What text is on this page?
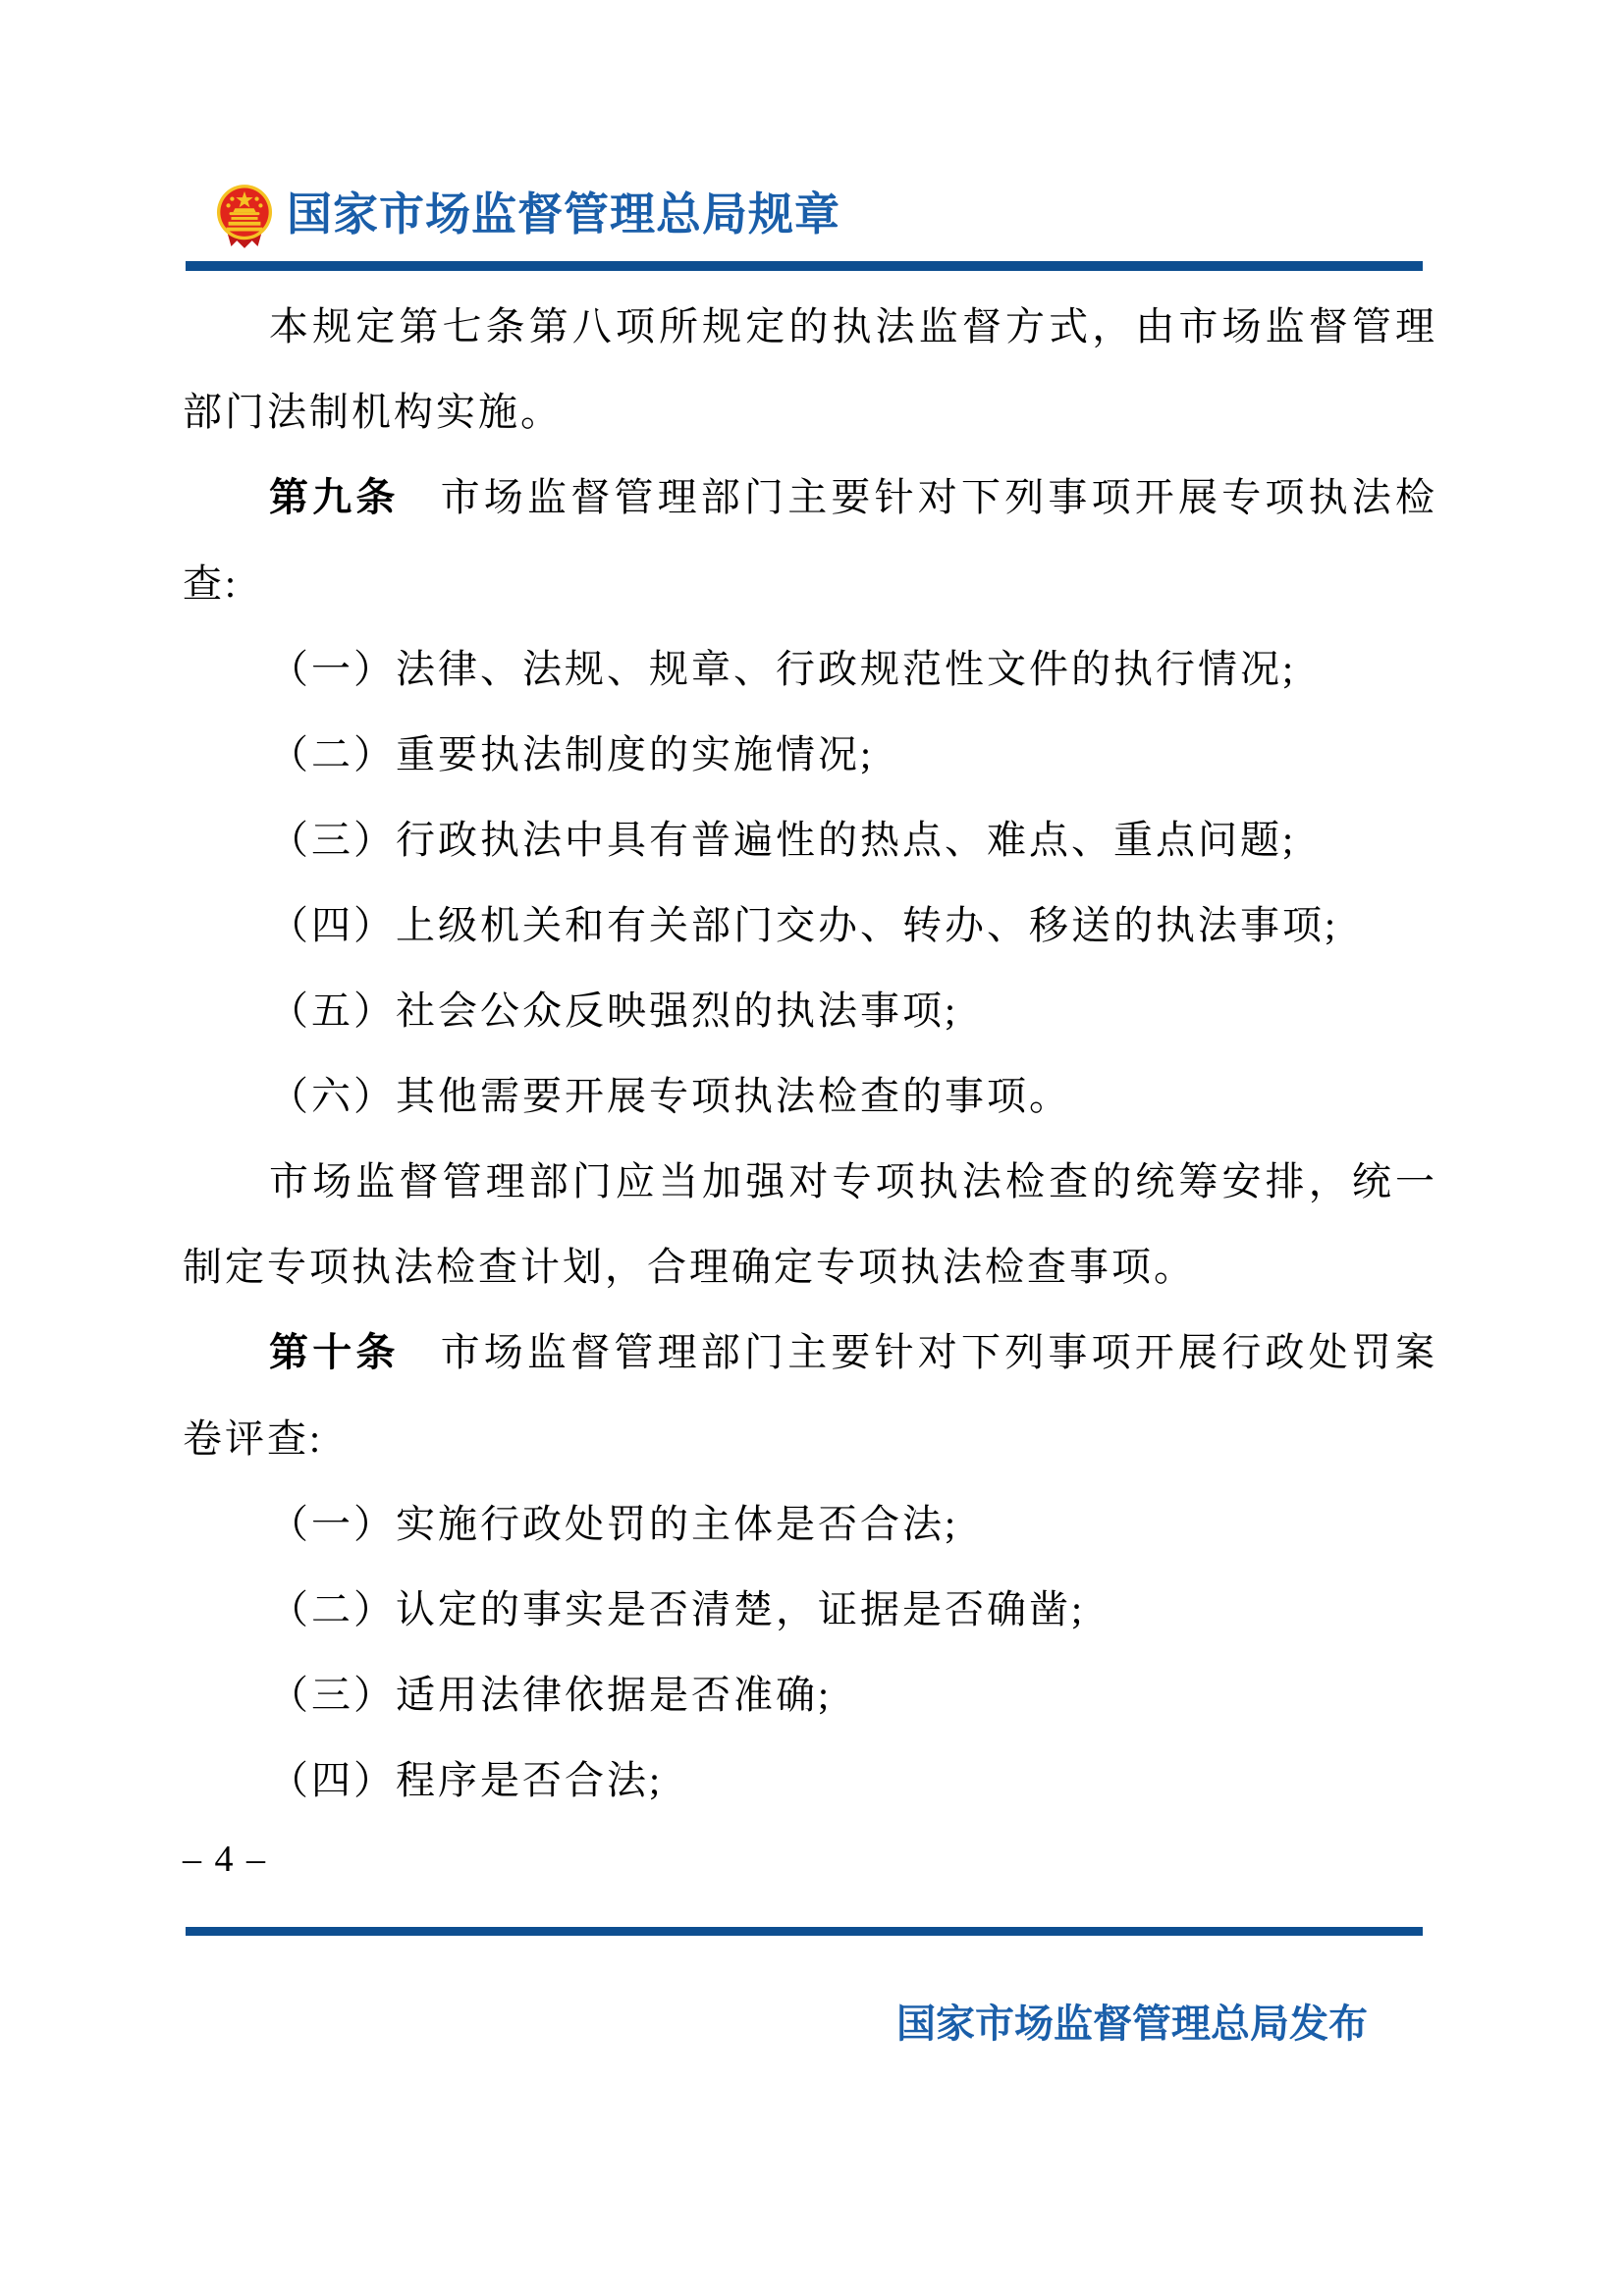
国家市场监督管理总局规章

本规定第七条第八项所规定的执法监督方式，由市场监督管理部门法制机构实施。

第九条 市场监督管理部门主要针对下列事项开展专项执法检查:

（一）法律、法规、规章、行政规范性文件的执行情况;

（二）重要执法制度的实施情况;

（三）行政执法中具有普遍性的热点、难点、重点问题;

（四）上级机关和有关部门交办、转办、移送的执法事项;

（五）社会公众反映强烈的执法事项;

（六）其他需要开展专项执法检查的事项。

市场监督管理部门应当加强对专项执法检查的统筹安排，统一制定专项执法检查计划，合理确定专项执法检查事项。

第十条 市场监督管理部门主要针对下列事项开展行政处罚案卷评查:

（一）实施行政处罚的主体是否合法;

（二）认定的事实是否清楚，证据是否确凿;

（三）适用法律依据是否准确;

（四）程序是否合法;

– 4 –
国家市场监督管理总局发布
